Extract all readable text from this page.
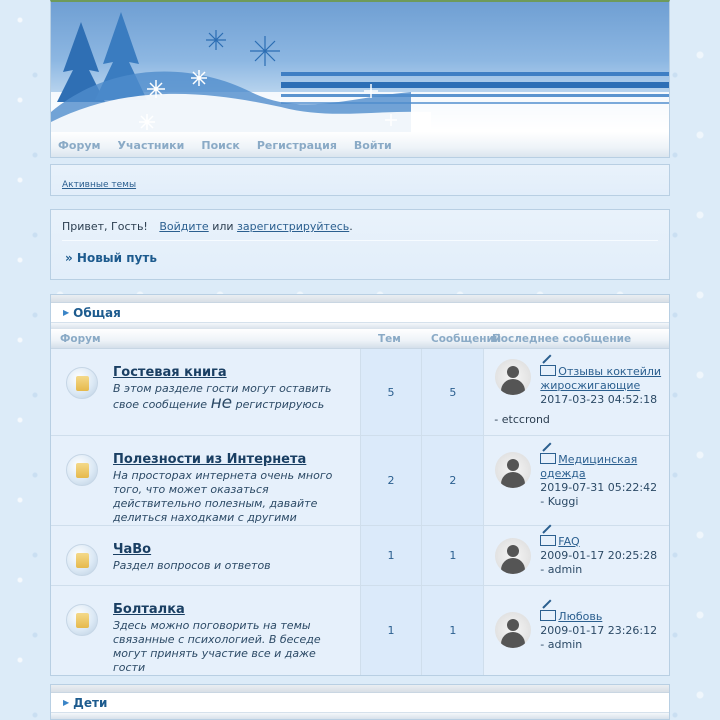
Форум Участники Поиск Регистрация Войти
Активные темы
Привет, Гость! Войдите или зарегистрируйтесь.
» Новый путь
▶ Общая
Форум	Тем	Сообщений
Последнее сообщение
Гостевая книга
В этом разделе гости могут оставить свое сообщение не регистрируюсь
5	5
Отзывы коктейли жиросжигающие
2017-03-23 04:52:18
- etccrond
Полезности из Интернета
На просторах интернета очень много того, что может оказаться действительно полезным, давайте делиться находками с другими
2	2
Медицинская одежда
2019-07-31 05:22:42
- Kuggi
ЧаВо
Раздел вопросов и ответов
1	1
FAQ
2009-01-17 20:25:28
- admin
Болталка
Здесь можно поговорить на темы связанные с психологией. В беседе могут принять участие все и даже гости
1	1
Любовь
2009-01-17 23:26:12
- admin
▶ Дети
